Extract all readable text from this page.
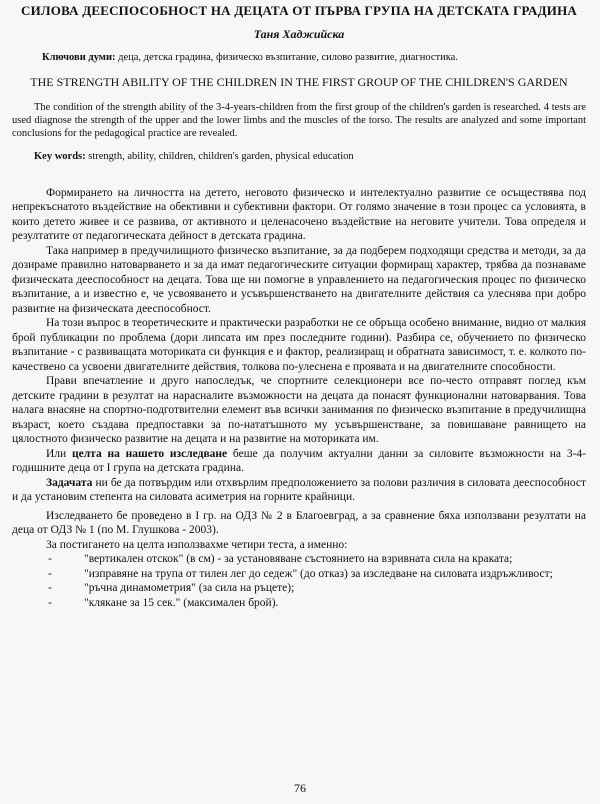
СИЛОВА ДЕЕСПОСОБНОСТ НА ДЕЦАТА ОТ ПЪРВА ГРУПА НА ДЕТСКАТА ГРАДИНА
Таня Хаджийска
Ключови думи: деца, детска градина, физическо възпитание, силово развитие, диагностика.
THE STRENGTH ABILITY OF THE CHILDREN IN THE FIRST GROUP OF THE CHILDREN'S GARDEN

The condition of the strength ability of the 3-4-years-children from the first group of the children's garden is researched. 4 tests are used diagnose the strength of the upper and the lower limbs and the muscles of the torso. The results are analyzed and some important conclusions for the pedagogical practice are revealed.

Key words: strength, ability, children, children's garden, physical education

Формирането на личността на детето, неговото физическо и интелектуално развитие се осъществява под непрекъснатото въздействие на обективни и субективни фактори. От голямо значение в този процес са условията, в които детето живее и се развива, от активното и целенасочено въздействие на неговите учители. Това определя и резултатите от педагогическата дейност в детската градина.

Така например в предучилищното физическо възпитание, за да подберем подходящи средства и методи, за да дозираме правилно натоварването и за да имат педагогическите ситуации формиращ характер, трябва да познаваме физическата дееспособност на децата. Това ще ни помогне в управлението на педагогическия процес по физическо възпитание, а и известно е, че усвояването и усъвършенстването на двигателните действия са улеснява при добро развитие на физическата дееспособност.

На този въпрос в теоретическите и практически разработки не се обръща особено внимание, видно от малкия брой публикации по проблема (дори липсата им през последните години). Разбира се, обучението по физическо възпитание - с развиващата моториката си функция е и фактор, реализиращ и обратната зависимост, т. е. колкото по-качествено са усвоени двигателните действия, толкова по-улеснена е проявата и на двигателните способности.

Прави впечатление и друго напоследък, че спортните селекционери все по-често отправят поглед към детските градини в резултат на нарасналите възможности на децата да понасят функционални натоварвания. Това налага внасяне на спортно-подготвителни елемент във всички занимания по физическо възпитание в предучилищна възраст, което създава предпоставки за по-нататъшното му усъвършенстване, за повишаване равнището на цялостното физическо развитие на децата и на развитие на моториката им.

Или целта на нашето изследване беше да получим актуални данни за силовите възможности на 3-4-годишните деца от I група на детската градина.

Задачата ни бе да потвърдим или отхвърлим предположението за полови различия в силовата дееспособност и да установим степента на силовата асиметрия на горните крайници.

Изследването бе проведено в I гр. на ОДЗ № 2 в Благоевград, а за сравнение бяха използвани резултати на деца от ОДЗ № 1 (по М. Глушкова - 2003).

За постигането на целта използвахме четири теста, а именно:

-	"вертикален отскок" (в см) - за установяване състоянието на взривната сила на краката;
-	"изправяне на трупа от тилен лег до седеж" (до отказ) за изследване на силовата издръжливост;
-	"ръчна динамометрия" (за сила на ръцете);
-	"клякане за 15 сек." (максимален брой).
76
